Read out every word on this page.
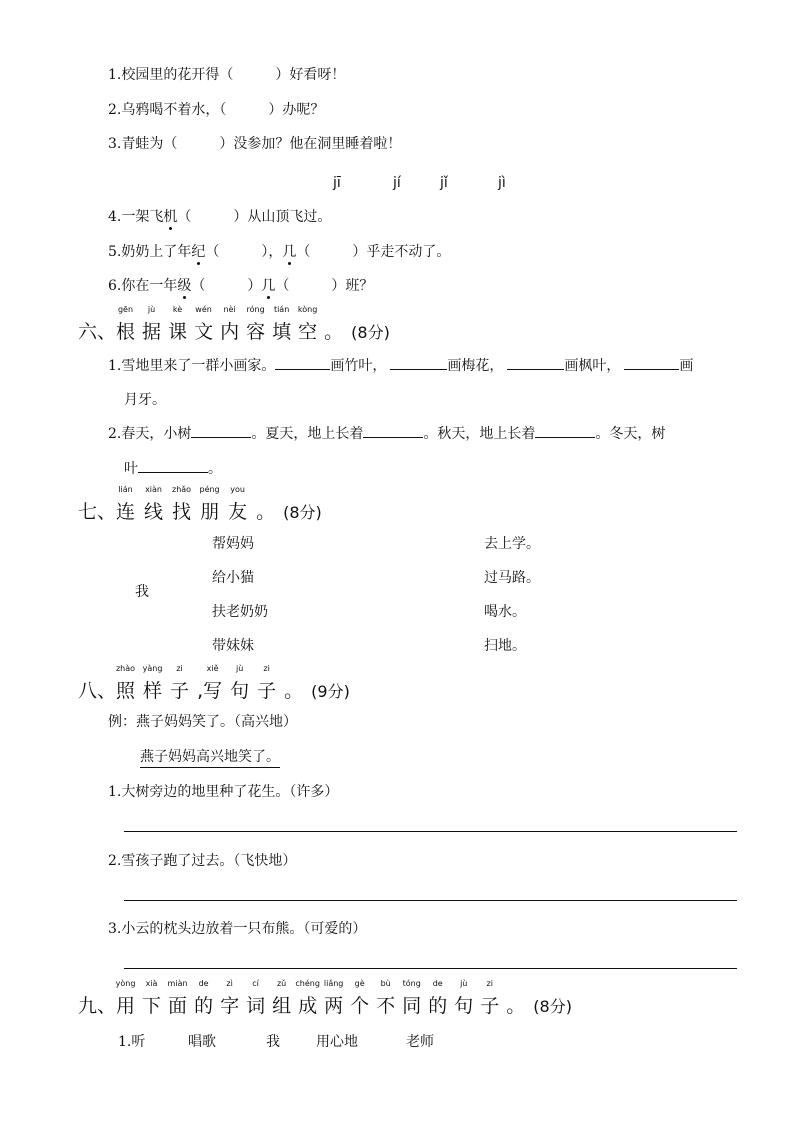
1.校园里的花开得（　　　）好看呀！
2.乌鸦喝不着水，（　　　）办呢？
3.青蛙为（　　　）没参加？他在洞里睡着啦！
jī	jí	jǐ	jì
4.一架飞机（　　　）从山顶飞过。
5.奶奶上了年纪（　　　），几（　　　）乎走不动了。
6.你在一年级（　　　）几（　　　）班？
六、
gēn
根
jù
据
kè
课
wén
文
nèi
内
róng
容
tián
填
kòng
空 。 (8分)
1.雪地里来了一群小画家。	画竹叶，	画梅花，	画枫叶，	画
月牙。
2.春天，小树	。夏天，地上长着	。秋天，地上长着	。冬天，树
叶	。
七、
lián
连
xiàn
线
zhǎo
找
péng
朋
you
友 。 (8分)
我
帮妈妈
给小猫
扶老奶奶
带妹妹
去上学。
过马路。
喝水。
扫地。
八、
zhào
照
yàng
样
zi
子 ,
xiě
写
jù
句
zi
子 。 (9分)
例：燕子妈妈笑了。（高兴地）
燕子妈妈高兴地笑了。
1.大树旁边的地里种了花生。（许多）
2.雪孩子跑了过去。（飞快地）
3.小云的枕头边放着一只布熊。（可爱的）
九、
yòng
用
xià
下
miàn
面
de
的
zì
字
cí
词
zǔ
组
chéng
成
liǎng
两
gè
个
bù
不
tóng
同
de
的
jù
句
zi
子 。 (8分)
1.听	唱歌	我	用心地	老师
